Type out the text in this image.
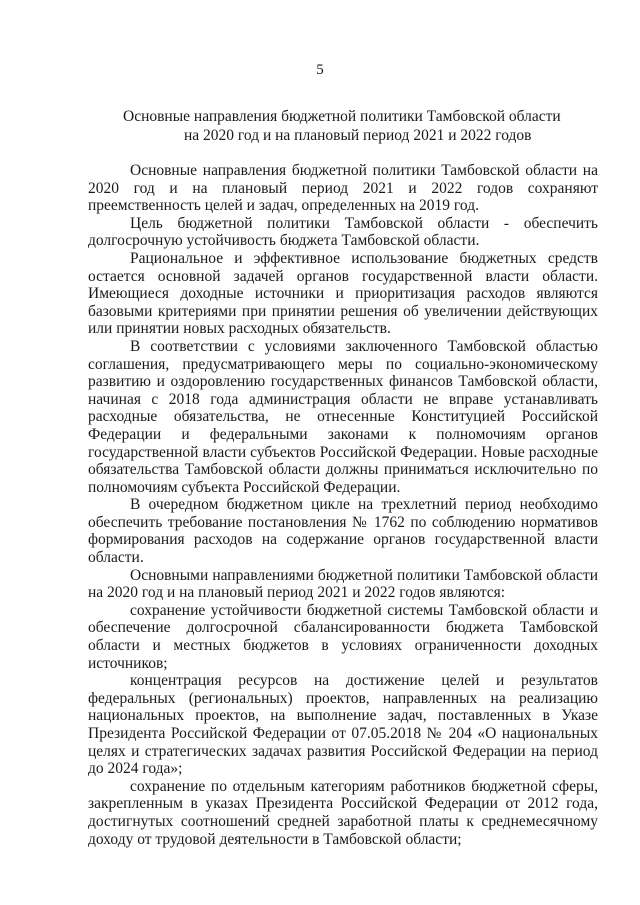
5
Основные направления бюджетной политики Тамбовской области
на 2020 год и на плановый период 2021 и 2022 годов

Основные направления бюджетной политики Тамбовской области на 2020 год и на плановый период 2021 и 2022 годов сохраняют преемственность целей и задач, определенных на 2019 год.

Цель бюджетной политики Тамбовской области - обеспечить долгосрочную устойчивость бюджета Тамбовской области.

Рациональное и эффективное использование бюджетных средств остается основной задачей органов государственной власти области. Имеющиеся доходные источники и приоритизация расходов являются базовыми критериями при принятии решения об увеличении действующих или принятии новых расходных обязательств.

В соответствии с условиями заключенного Тамбовской областью соглашения, предусматривающего меры по социально-экономическому развитию и оздоровлению государственных финансов Тамбовской области, начиная с 2018 года администрация области не вправе устанавливать расходные обязательства, не отнесенные Конституцией Российской Федерации и федеральными законами к полномочиям органов государственной власти субъектов Российской Федерации. Новые расходные обязательства Тамбовской области должны приниматься исключительно по полномочиям субъекта Российской Федерации.

В очередном бюджетном цикле на трехлетний период необходимо обеспечить требование постановления № 1762 по соблюдению нормативов формирования расходов на содержание органов государственной власти области.

Основными направлениями бюджетной политики Тамбовской области на 2020 год и на плановый период 2021 и 2022 годов являются:

сохранение устойчивости бюджетной системы Тамбовской области и обеспечение долгосрочной сбалансированности бюджета Тамбовской области и местных бюджетов в условиях ограниченности доходных источников;

концентрация ресурсов на достижение целей и результатов федеральных (региональных) проектов, направленных на реализацию национальных проектов, на выполнение задач, поставленных в Указе Президента Российской Федерации от 07.05.2018 № 204 «О национальных целях и стратегических задачах развития Российской Федерации на период до 2024 года»;

сохранение по отдельным категориям работников бюджетной сферы, закрепленным в указах Президента Российской Федерации от 2012 года, достигнутых соотношений средней заработной платы к среднемесячному доходу от трудовой деятельности в Тамбовской области;
